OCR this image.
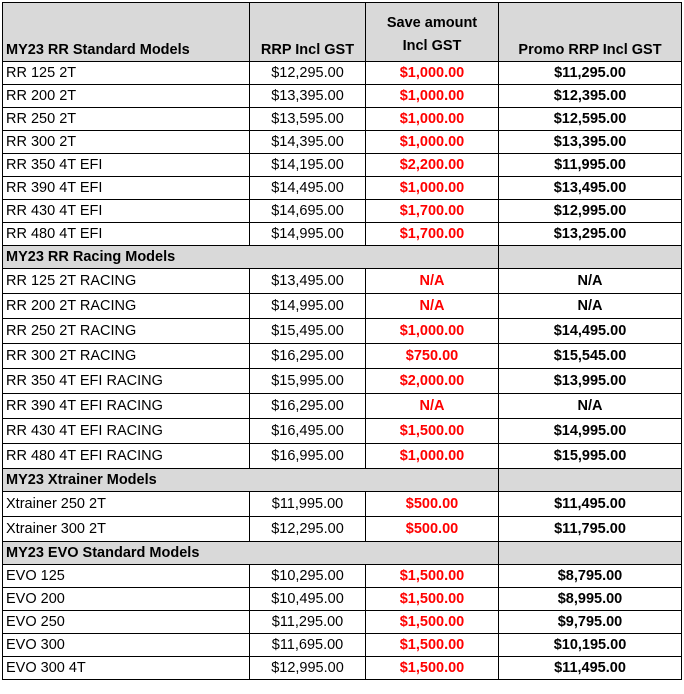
MY23 RR Standard Models	RRP Incl GST	Save amount
Incl GST	Promo RRP Incl GST
RR 125 2T	$12,295.00	$1,000.00	$11,295.00
RR 200 2T	$13,395.00	$1,000.00	$12,395.00
RR 250 2T	$13,595.00	$1,000.00	$12,595.00
RR 300 2T	$14,395.00	$1,000.00	$13,395.00
RR 350 4T EFI	$14,195.00	$2,200.00	$11,995.00
RR 390 4T EFI	$14,495.00	$1,000.00	$13,495.00
RR 430 4T EFI	$14,695.00	$1,700.00	$12,995.00
RR 480 4T EFI	$14,995.00	$1,700.00	$13,295.00
MY23 RR Racing Models			
RR 125 2T RACING	$13,495.00	N/A	N/A
RR 200 2T RACING	$14,995.00	N/A	N/A
RR 250 2T RACING	$15,495.00	$1,000.00	$14,495.00
RR 300 2T RACING	$16,295.00	$750.00	$15,545.00
RR 350 4T EFI RACING	$15,995.00	$2,000.00	$13,995.00
RR 390 4T EFI RACING	$16,295.00	N/A	N/A
RR 430 4T EFI RACING	$16,495.00	$1,500.00	$14,995.00
RR 480 4T EFI RACING	$16,995.00	$1,000.00	$15,995.00
MY23 Xtrainer Models			
Xtrainer 250 2T	$11,995.00	$500.00	$11,495.00
Xtrainer 300 2T	$12,295.00	$500.00	$11,795.00
MY23 EVO Standard Models			
EVO 125	$10,295.00	$1,500.00	$8,795.00
EVO 200	$10,495.00	$1,500.00	$8,995.00
EVO 250	$11,295.00	$1,500.00	$9,795.00
EVO 300	$11,695.00	$1,500.00	$10,195.00
EVO 300 4T	$12,995.00	$1,500.00	$11,495.00
